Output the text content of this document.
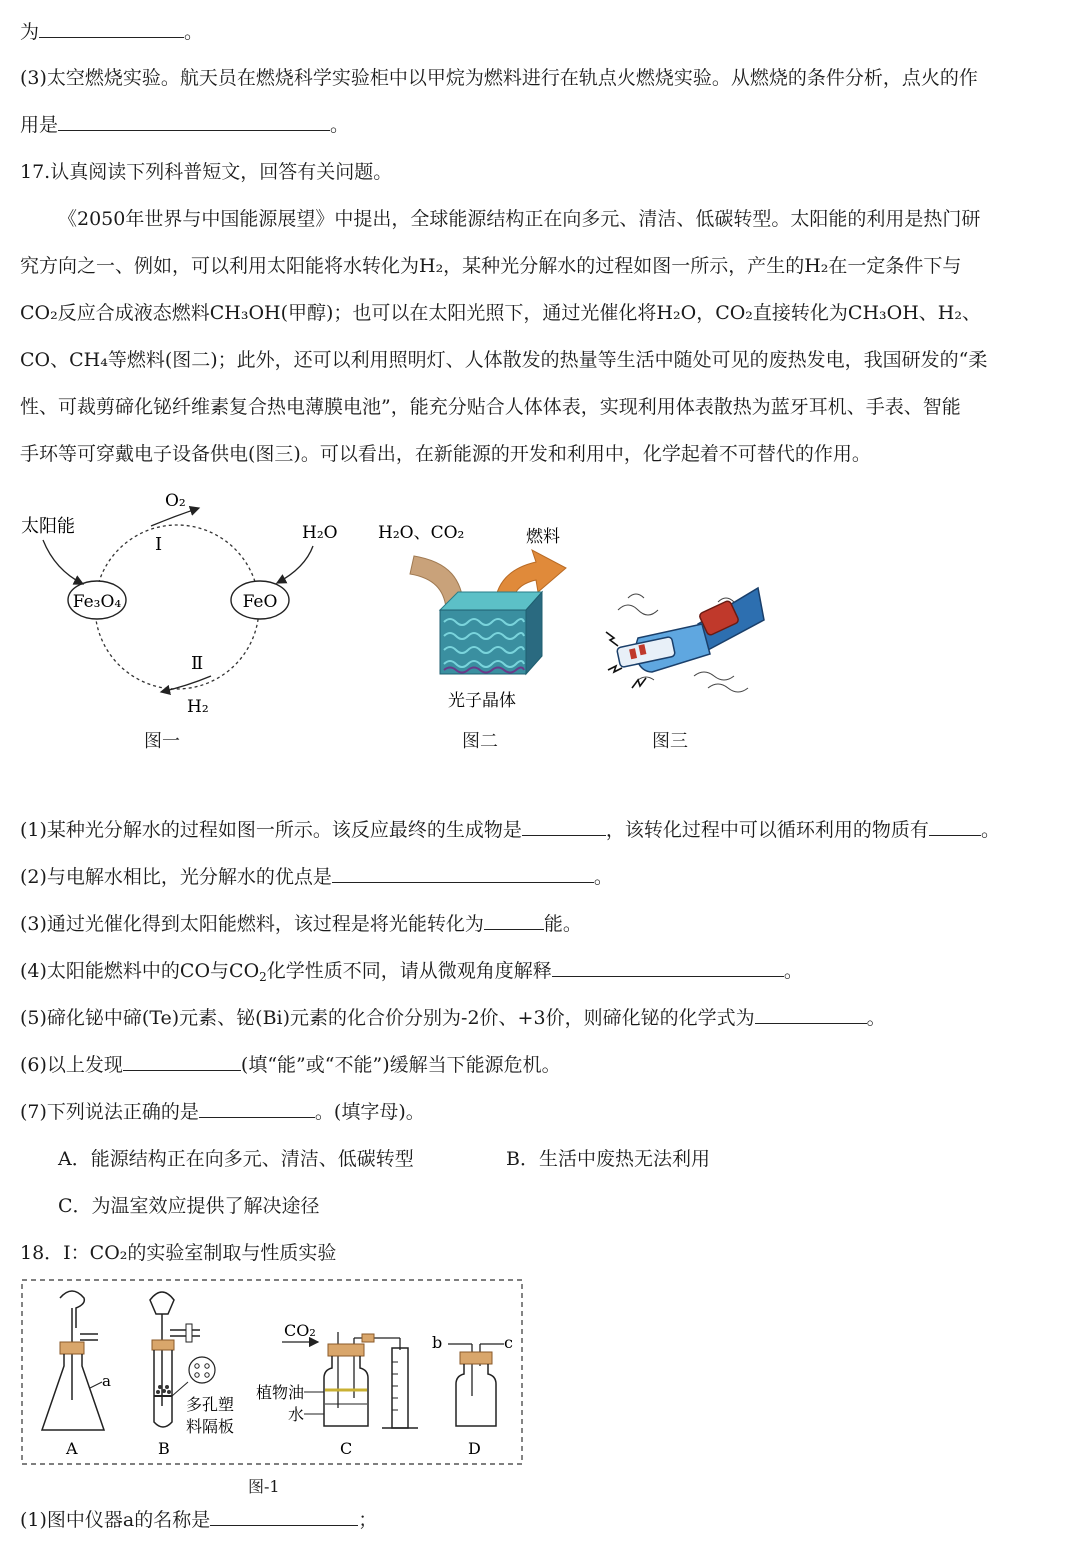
为	。
(3)太空燃烧实验。航天员在燃烧科学实验柜中以甲烷为燃料进行在轨点火燃烧实验。从燃烧的条件分析，点火的作
用是	。
17.认真阅读下列科普短文，回答有关问题。
《2050年世界与中国能源展望》中提出，全球能源结构正在向多元、清洁、低碳转型。太阳能的利用是热门研
究方向之一、例如，可以利用太阳能将水转化为H₂，某种光分解水的过程如图一所示，产生的H₂在一定条件下与
CO₂反应合成液态燃料CH₃OH(甲醇)；也可以在太阳光照下，通过光催化将H₂O，CO₂直接转化为CH₃OH、H₂、
CO、CH₄等燃料(图二)；此外，还可以利用照明灯、人体散发的热量等生活中随处可见的废热发电，我国研发的“柔
性、可裁剪碲化铋纤维素复合热电薄膜电池”，能充分贴合人体体表，实现利用体表散热为蓝牙耳机、手表、智能
手环等可穿戴电子设备供电(图三)。可以看出，在新能源的开发和利用中，化学起着不可替代的作用。
Fe₃O₄	FeO
太阳能
O₂
I
H₂O
Ⅱ
H₂
图一
H₂O、CO₂	燃料
光子晶体
图二	图三
(1)某种光分解水的过程如图一所示。该反应最终的生成物是	，该转化过程中可以循环利用的物质有	。
(2)与电解水相比，光分解水的优点是	。
(3)通过光催化得到太阳能燃料，该过程是将光能转化为	能。
(4)太阳能燃料中的CO与$CO_2$化学性质不同，请从微观角度解释	。
(5)碲化铋中碲(Te)元素、铋(Bi)元素的化合价分别为-2价、+3价，则碲化铋的化学式为	。
(6)以上发现	(填“能”或“不能”)缓解当下能源危机。
(7)下列说法正确的是	。(填字母)。
A．能源结构正在向多元、清洁、低碳转型	B．生活中废热无法利用
C．为温室效应提供了解决途径
18．I：CO₂的实验室制取与性质实验
a
多孔塑
料隔板
CO₂
植物油
水
b	c
A	B	C	D
图-1
(1)图中仪器a的名称是	；
